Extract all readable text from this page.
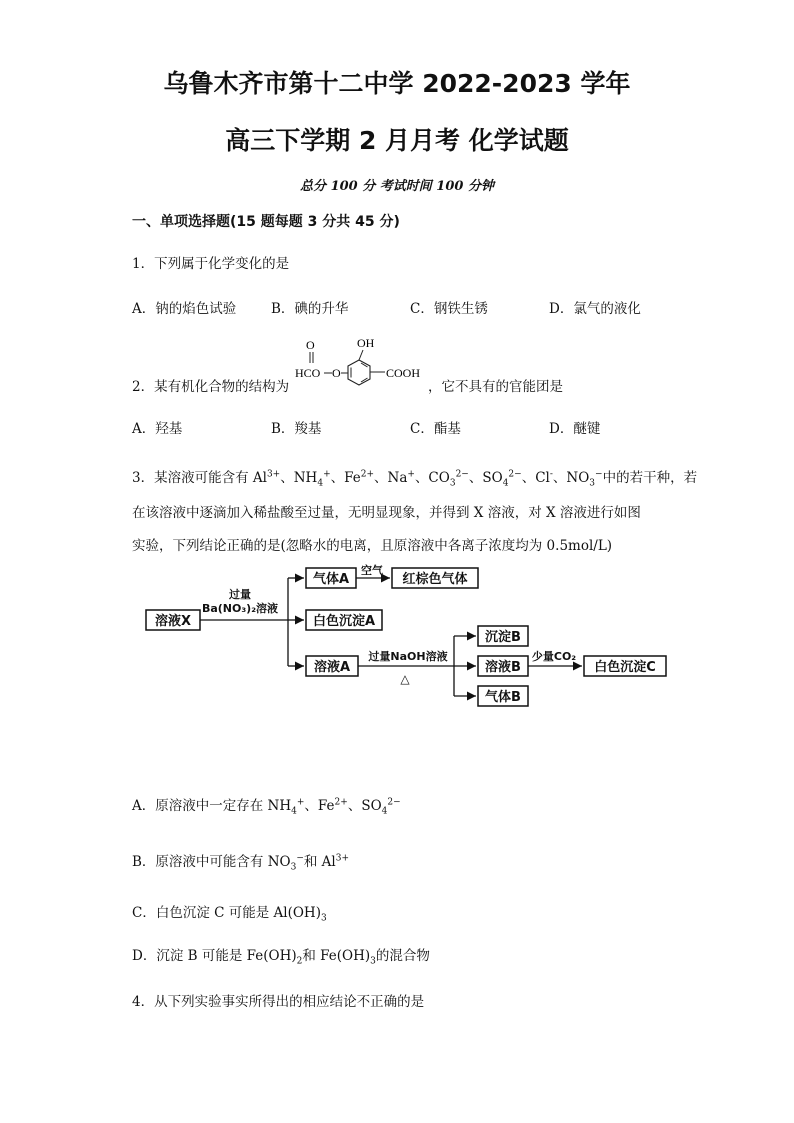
乌鲁木齐市第十二中学 2022-2023 学年
高三下学期 2 月月考 化学试题
总分 100 分 考试时间 100 分钟
一、单项选择题(15 题每题 3 分共 45 分)
1．下列属于化学变化的是
A．钠的焰色试验	B．碘的升华	C．钢铁生锈	D．氯气的液化
2．某有机化合物的结构为
OH
COOH
HCO
O
O
，它不具有的官能团是
A．羟基	B．羧基	C．酯基	D．醚键
3．某溶液可能含有 $Al^{3+}$、$NH_4^+$、$Fe^{2+}$、Na+、$CO_3^{2-}$、$SO_4^{2-}$、Cl-、$NO_3^-$中的若干种，若
在该溶液中逐滴加入稀盐酸至过量，无明显现象，并得到 X 溶液，对 X 溶液进行如图
实验，下列结论正确的是(忽略水的电离，且原溶液中各离子浓度均为 0.5mol/L)
溶液X
过量
Ba(NO₃)₂溶液
气体A
空气
红棕色气体
白色沉淀A
溶液A
过量NaOH溶液
△
沉淀B
溶液B
少量CO₂
白色沉淀C
气体B
A．原溶液中一定存在 $NH_4^+$、$Fe^{2+}$、$SO_4^{2-}$
B．原溶液中可能含有 $NO_3^-$和 $Al^{3+}$
C．白色沉淀 C 可能是 $Al(OH)_3$
D．沉淀 B 可能是 $Fe(OH)_2$和 $Fe(OH)_3$的混合物
4．从下列实验事实所得出的相应结论不正确的是
